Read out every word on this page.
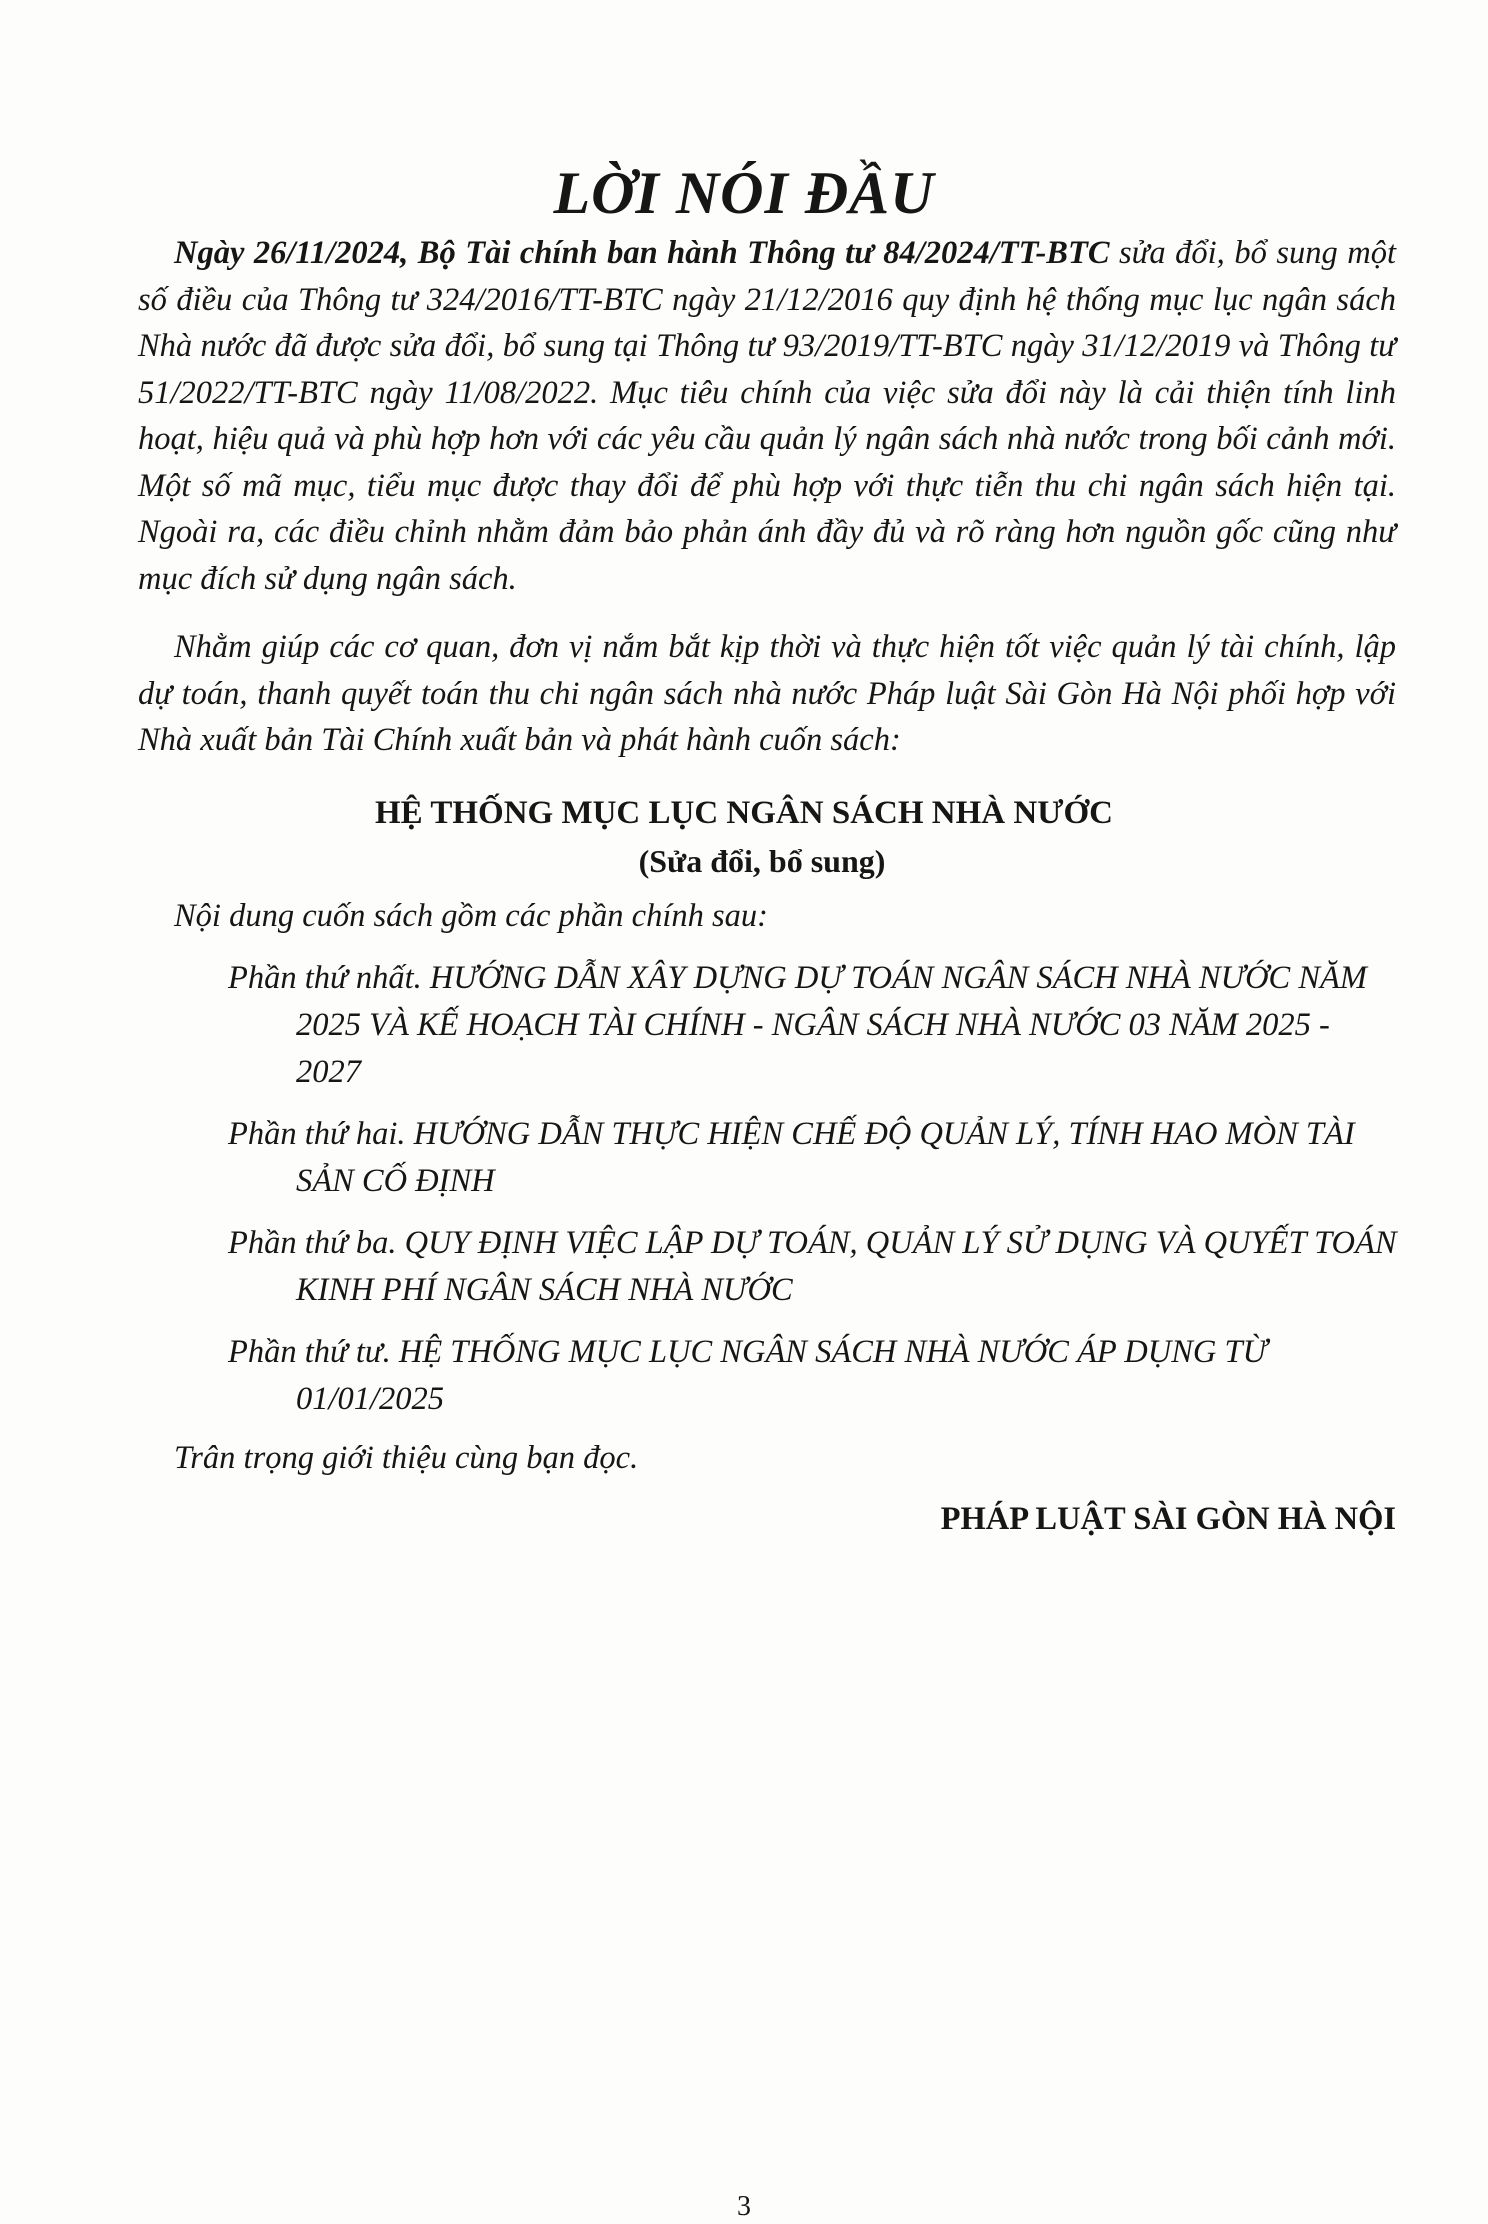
LỜI NÓI ĐẦU

Ngày 26/11/2024, Bộ Tài chính ban hành Thông tư 84/2024/TT-BTC sửa đổi, bổ sung một số điều của Thông tư 324/2016/TT-BTC ngày 21/12/2016 quy định hệ thống mục lục ngân sách Nhà nước đã được sửa đổi, bổ sung tại Thông tư 93/2019/TT-BTC ngày 31/12/2019 và Thông tư 51/2022/TT-BTC ngày 11/08/2022. Mục tiêu chính của việc sửa đổi này là cải thiện tính linh hoạt, hiệu quả và phù hợp hơn với các yêu cầu quản lý ngân sách nhà nước trong bối cảnh mới. Một số mã mục, tiểu mục được thay đổi để phù hợp với thực tiễn thu chi ngân sách hiện tại. Ngoài ra, các điều chỉnh nhằm đảm bảo phản ánh đầy đủ và rõ ràng hơn nguồn gốc cũng như mục đích sử dụng ngân sách.

Nhằm giúp các cơ quan, đơn vị nắm bắt kịp thời và thực hiện tốt việc quản lý tài chính, lập dự toán, thanh quyết toán thu chi ngân sách nhà nước Pháp luật Sài Gòn Hà Nội phối hợp với Nhà xuất bản Tài Chính xuất bản và phát hành cuốn sách:

HỆ THỐNG MỤC LỤC NGÂN SÁCH NHÀ NƯỚC
(Sửa đổi, bổ sung)
Nội dung cuốn sách gồm các phần chính sau:
Phần thứ nhất. HƯỚNG DẪN XÂY DỰNG DỰ TOÁN NGÂN SÁCH NHÀ NƯỚC NĂM 2025 VÀ KẾ HOẠCH TÀI CHÍNH - NGÂN SÁCH NHÀ NƯỚC 03 NĂM 2025 - 2027
Phần thứ hai. HƯỚNG DẪN THỰC HIỆN CHẾ ĐỘ QUẢN LÝ, TÍNH HAO MÒN TÀI SẢN CỐ ĐỊNH
Phần thứ ba. QUY ĐỊNH VIỆC LẬP DỰ TOÁN, QUẢN LÝ SỬ DỤNG VÀ QUYẾT TOÁN KINH PHÍ NGÂN SÁCH NHÀ NƯỚC
Phần thứ tư. HỆ THỐNG MỤC LỤC NGÂN SÁCH NHÀ NƯỚC ÁP DỤNG TỪ 01/01/2025
Trân trọng giới thiệu cùng bạn đọc.
PHÁP LUẬT SÀI GÒN HÀ NỘI
3
